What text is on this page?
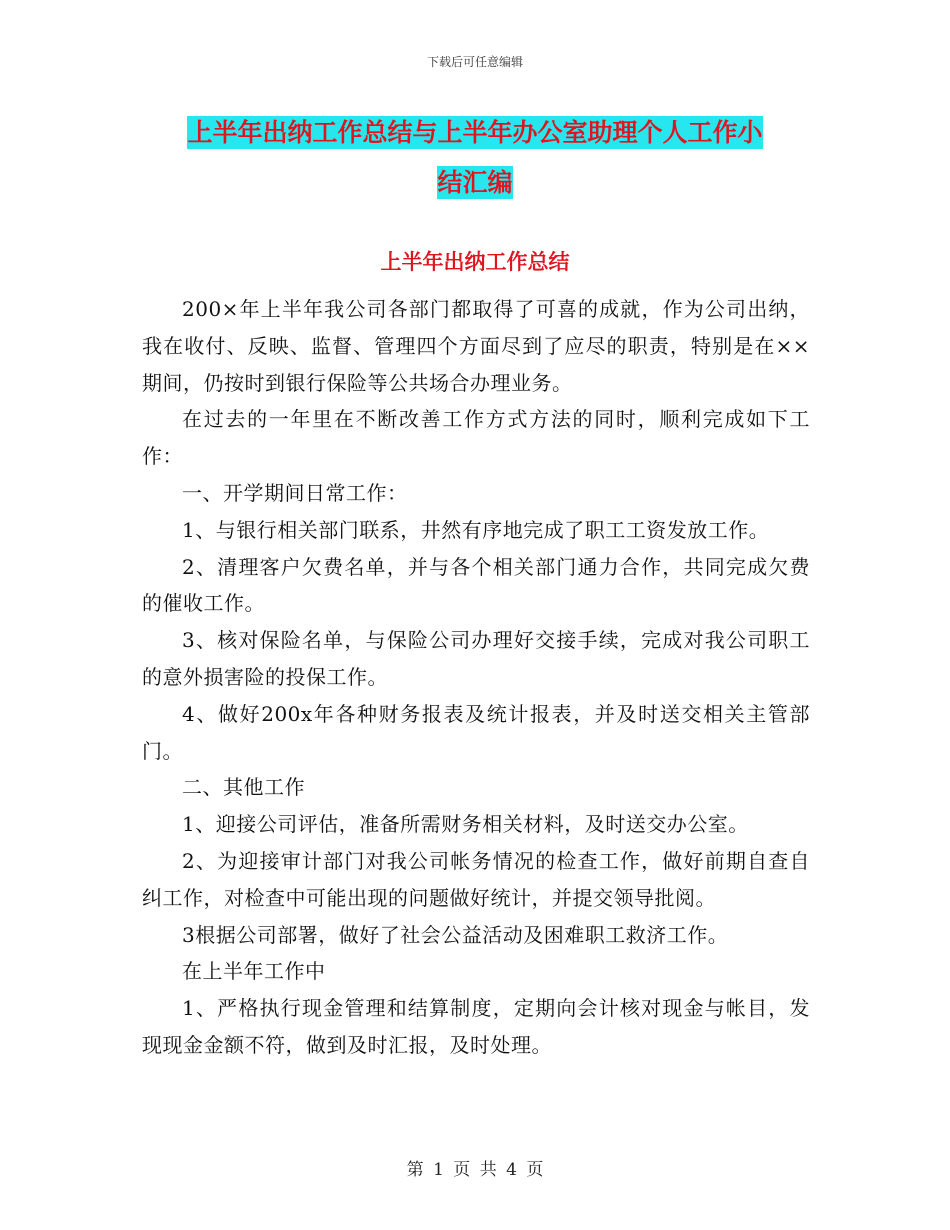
下载后可任意编辑
上半年出纳工作总结与上半年办公室助理个人工作小
结汇编
上半年出纳工作总结

200×年上半年我公司各部门都取得了可喜的成就，作为公司出纳，我在收付、反映、监督、管理四个方面尽到了应尽的职责，特别是在××期间，仍按时到银行保险等公共场合办理业务。

在过去的一年里在不断改善工作方式方法的同时，顺利完成如下工作：

一、开学期间日常工作：

1、与银行相关部门联系，井然有序地完成了职工工资发放工作。

2、清理客户欠费名单，并与各个相关部门通力合作，共同完成欠费的催收工作。

3、核对保险名单，与保险公司办理好交接手续，完成对我公司职工的意外损害险的投保工作。

4、做好200x年各种财务报表及统计报表，并及时送交相关主管部门。

二、其他工作

1、迎接公司评估，准备所需财务相关材料，及时送交办公室。

2、为迎接审计部门对我公司帐务情况的检查工作，做好前期自查自纠工作，对检查中可能出现的问题做好统计，并提交领导批阅。

3根据公司部署，做好了社会公益活动及困难职工救济工作。

在上半年工作中

1、严格执行现金管理和结算制度，定期向会计核对现金与帐目，发现现金金额不符，做到及时汇报，及时处理。

第 1 页 共 4 页
